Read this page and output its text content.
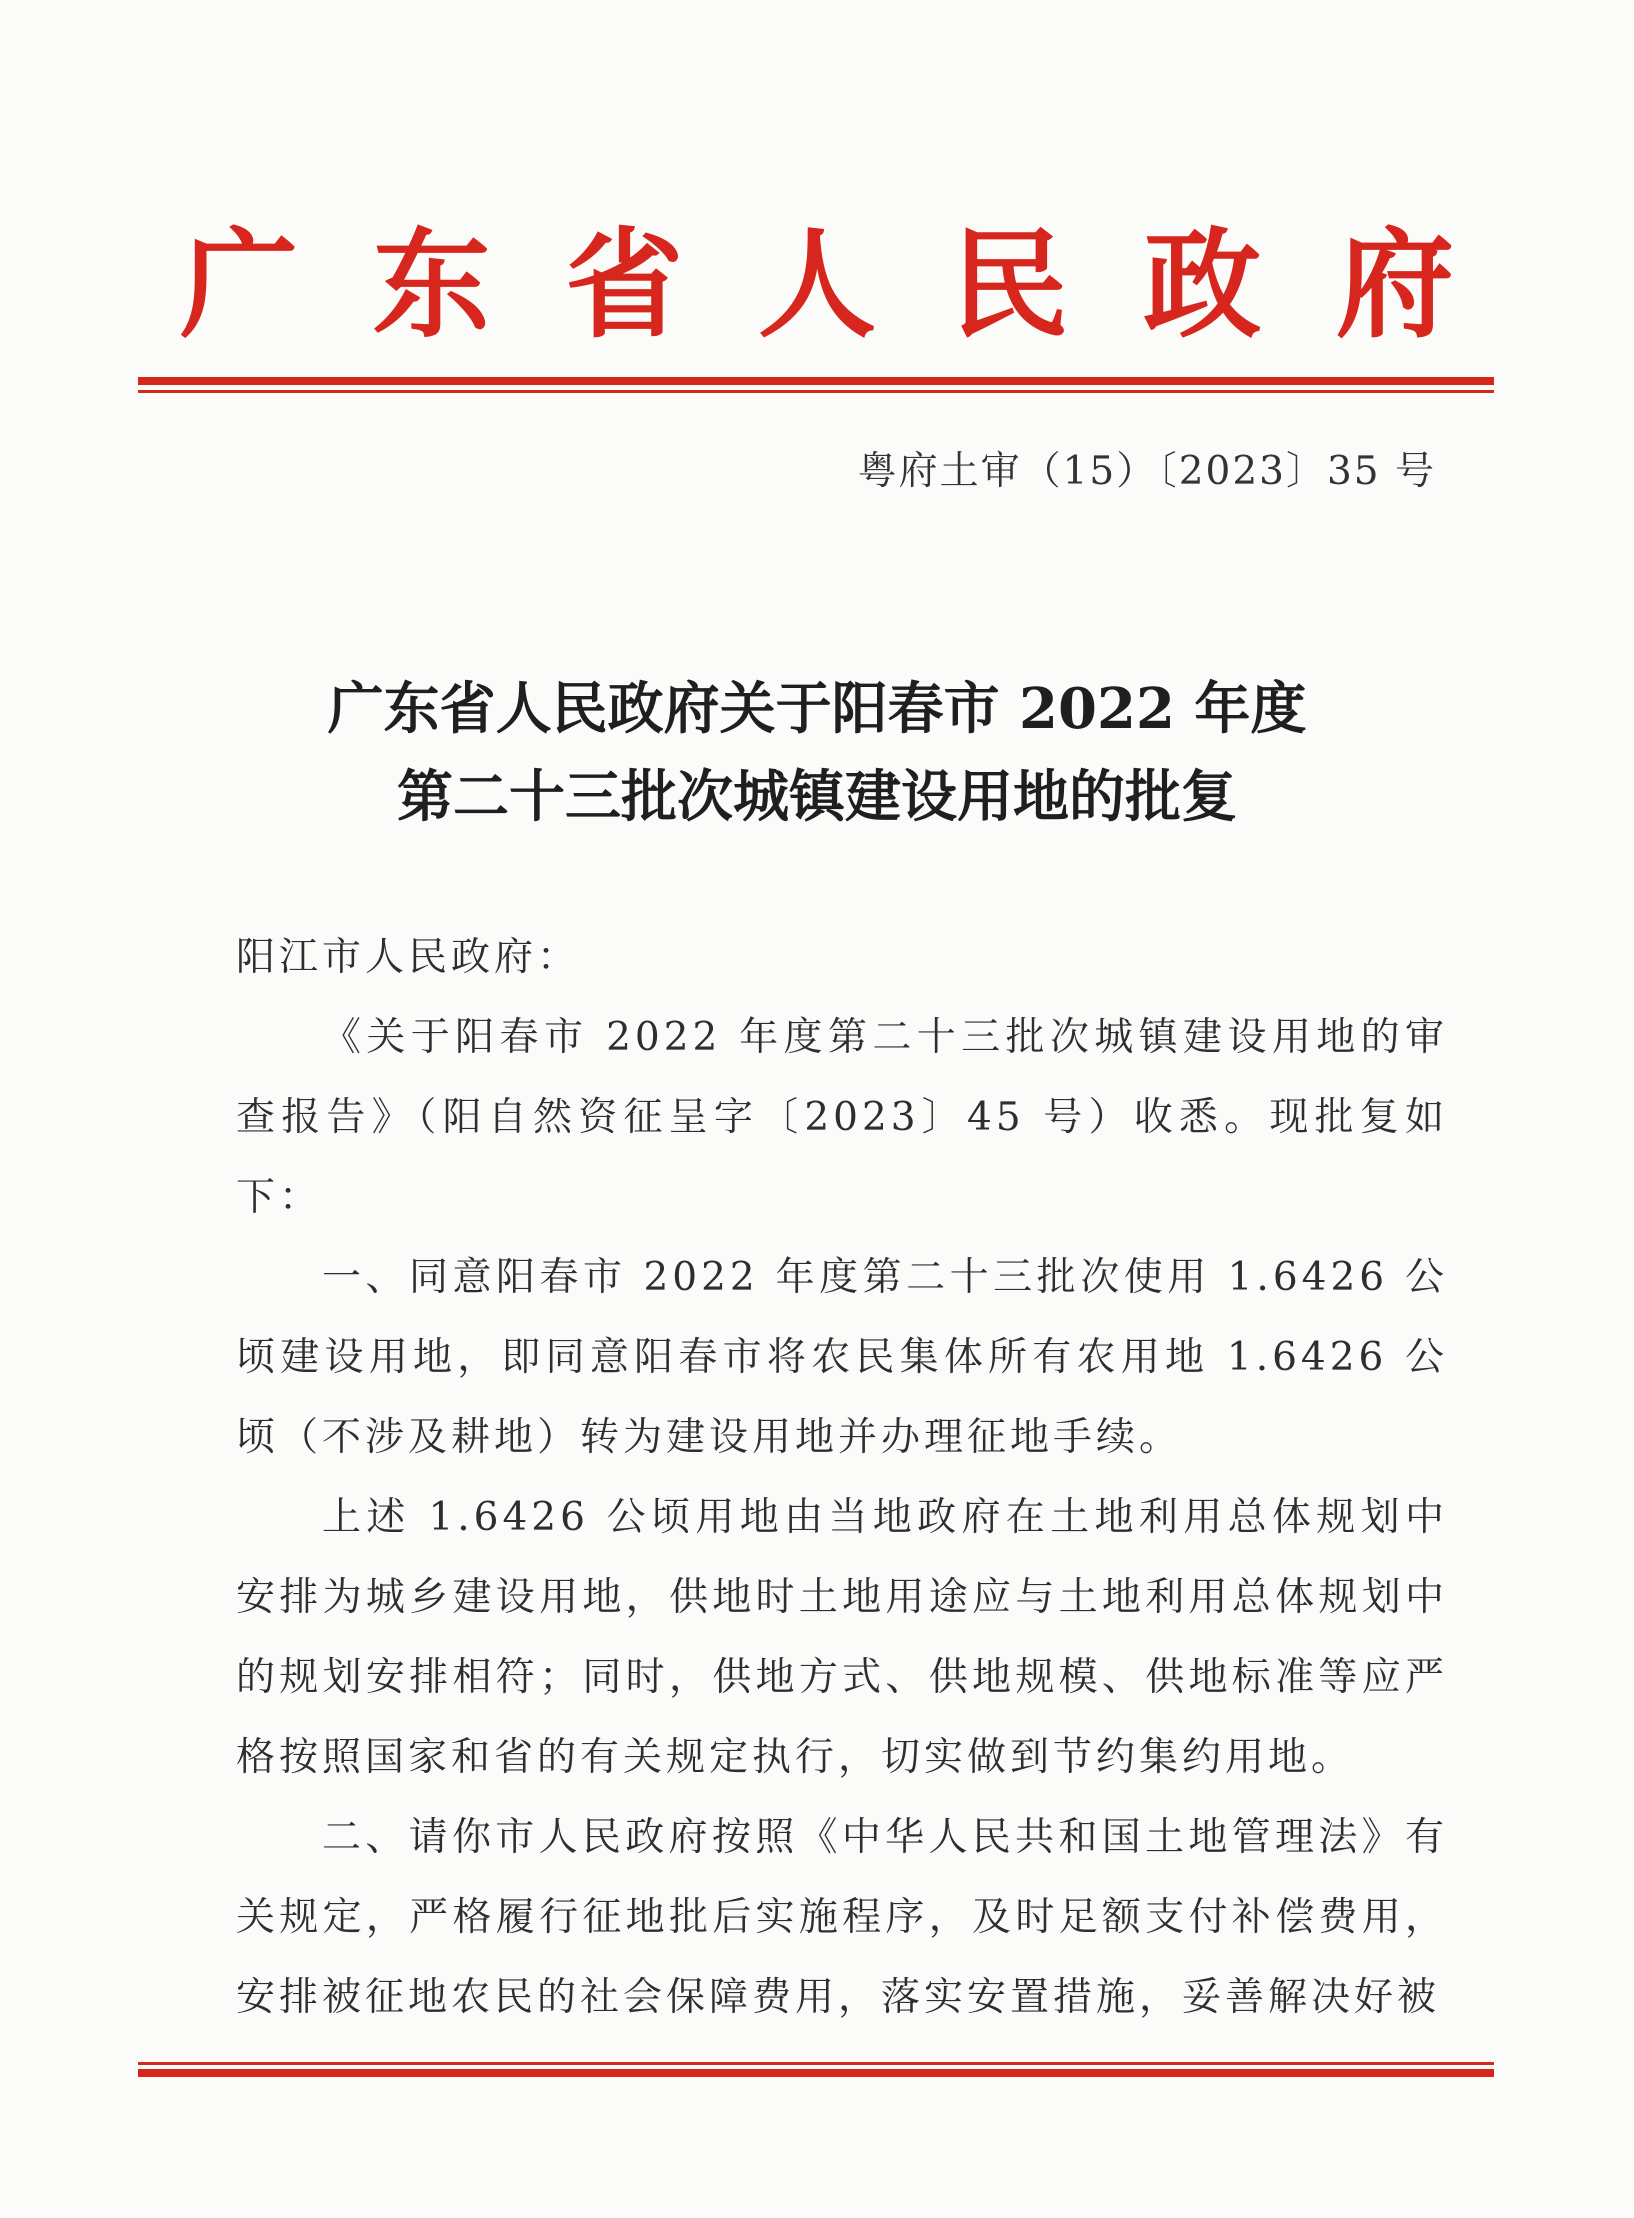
广 东 省 人 民 政 府
粤府土审（15）〔2023〕35 号
广东省人民政府关于阳春市 2022 年度
第二十三批次城镇建设用地的批复

阳江市人民政府：

《关于阳春市 2022 年度第二十三批次城镇建设用地的审查报告》（阳自然资征呈字〔2023〕45 号）收悉。现批复如下：

一、同意阳春市 2022 年度第二十三批次使用 1.6426 公顷建设用地，即同意阳春市将农民集体所有农用地 1.6426 公顷（不涉及耕地）转为建设用地并办理征地手续。

上述 1.6426 公顷用地由当地政府在土地利用总体规划中安排为城乡建设用地，供地时土地用途应与土地利用总体规划中的规划安排相符；同时，供地方式、供地规模、供地标准等应严格按照国家和省的有关规定执行，切实做到节约集约用地。

二、请你市人民政府按照《中华人民共和国土地管理法》有关规定，严格履行征地批后实施程序，及时足额支付补偿费用，安排被征地农民的社会保障费用，落实安置措施，妥善解决好被
